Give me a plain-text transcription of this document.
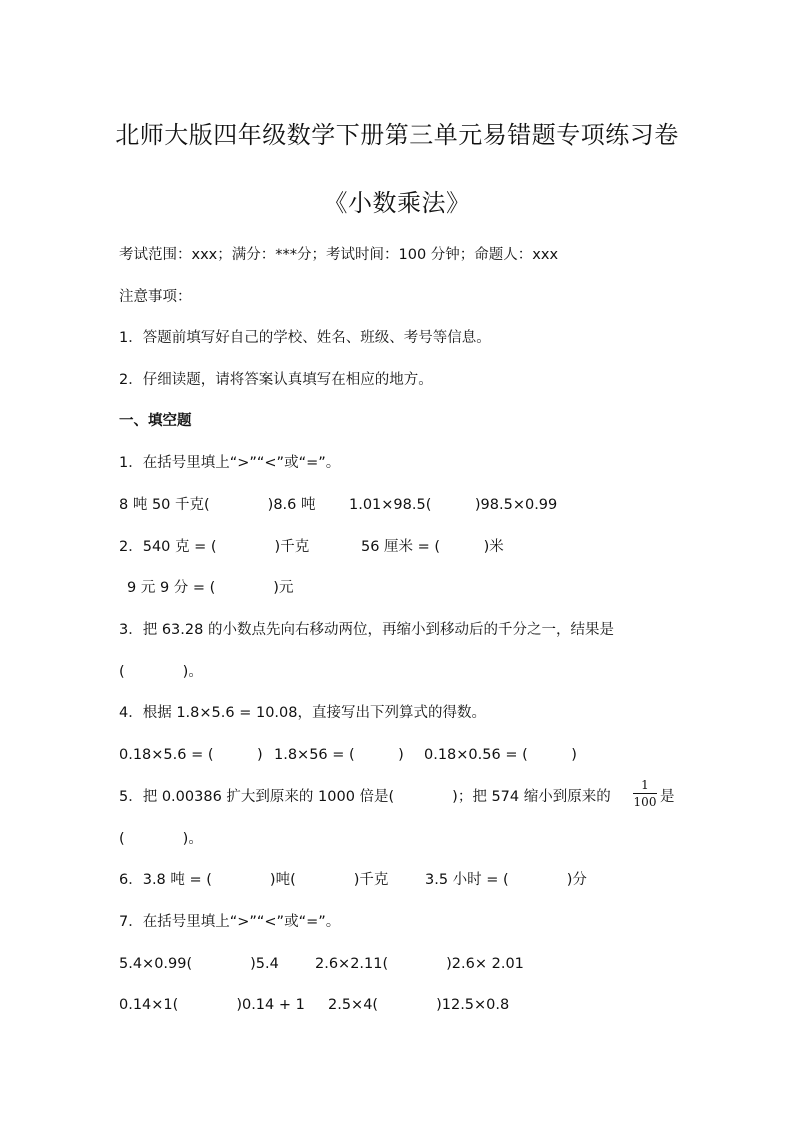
北师大版四年级数学下册第三单元易错题专项练习卷
《小数乘法》
考试范围：xxx；满分：***分；考试时间：100 分钟；命题人：xxx
注意事项：
1．答题前填写好自己的学校、姓名、班级、考号等信息。
2．仔细读题，请将答案认真填写在相应的地方。
一、填空题
1．在括号里填上“>”“<”或“=”。
8 吨 50 千克(　　　　)8.6 吨 1.01×98.5(　　　)98.5×0.99
2．540 克 = (　　　　)千克	56 厘米 = (　　　)米
9 元 9 分 = (　　　　)元
3．把 63.28 的小数点先向右移动两位，再缩小到移动后的千分之一，结果是
(　　　　)。
4．根据 1.8×5.6 = 10.08，直接写出下列算式的得数。
0.18×5.6 = (　　　) 1.8×56 = (　　　) 0.18×0.56 = (　　　)
5．把 0.00386 扩大到原来的 1000 倍是(　　　　)；把 574 缩小到原来的
1
100 是
(　　　　)。
6．3.8 吨 = (　　　　)吨(　　　　)千克	3.5 小时 = (　　　　)分
7．在括号里填上“>”“<”或“=”。
5.4×0.99(　　　　)5.4 2.6×2.11(　　　　)2.6× 2.01
0.14×1(　　　　)0.14 + 1 2.5×4(　　　　)12.5×0.8
